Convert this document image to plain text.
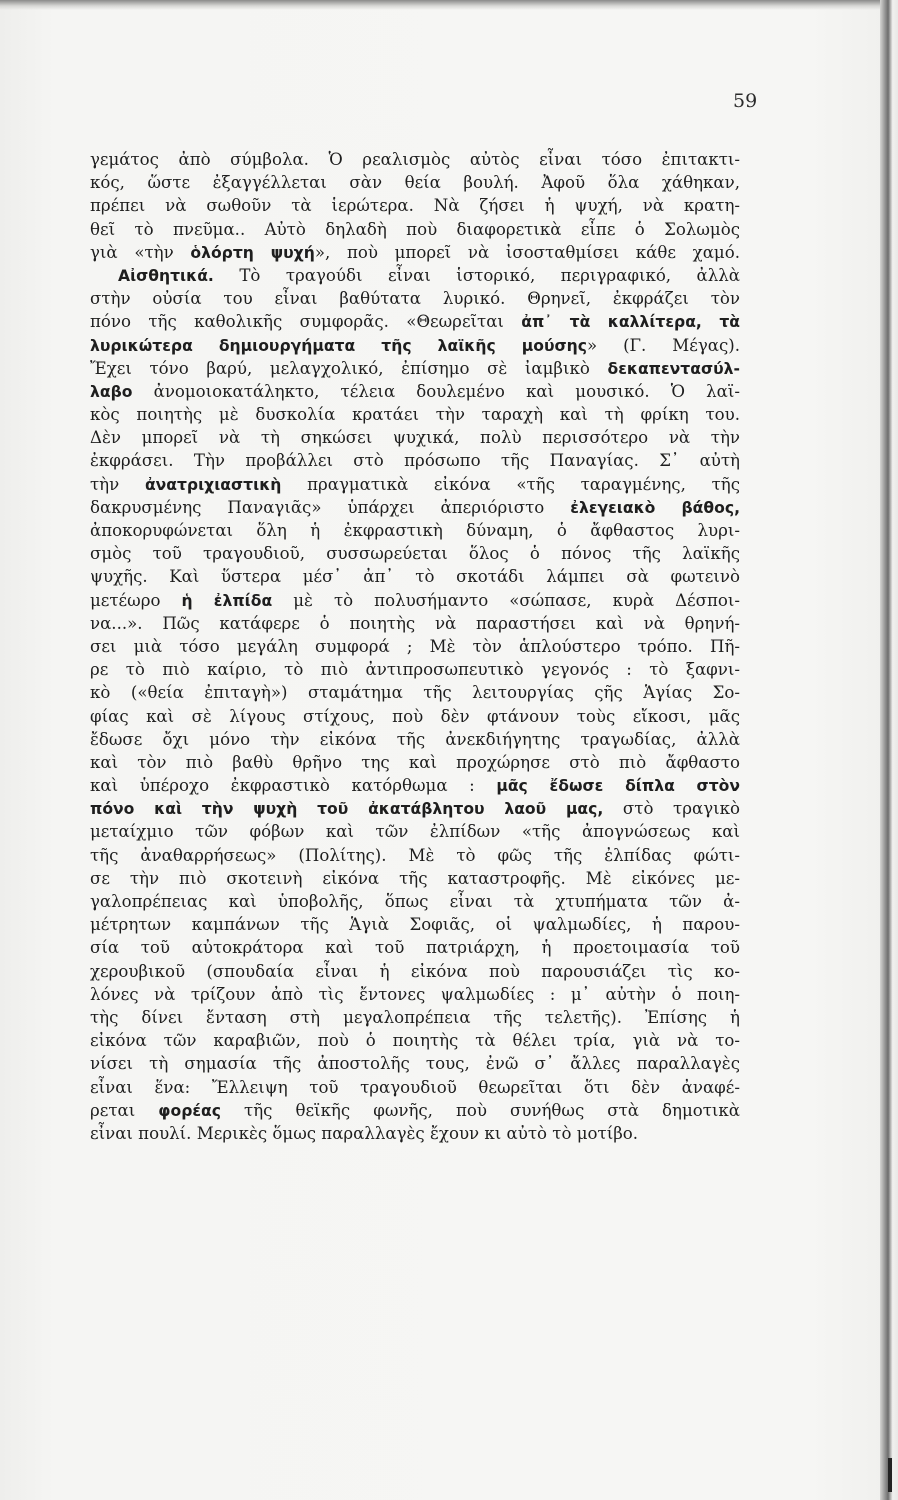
59
γεμάτος ἀπὸ σύμβολα. Ὁ ρεαλισμὸς αὐτὸς εἶναι τόσο ἐπιτακτι-
κός, ὥστε ἐξαγγέλλεται σὰν θεία βουλή. Ἀφοῦ ὅλα χάθηκαν,
πρέπει νὰ σωθοῦν τὰ ἱερώτερα. Νὰ ζήσει ἡ ψυχή, νὰ κρατη-
θεῖ τὸ πνεῦμα.. Αὐτὸ δηλαδὴ ποὺ διαφορετικὰ εἶπε ὁ Σολωμὸς
γιὰ «τὴν ὁλόρτη ψυχή», ποὺ μπορεῖ νὰ ἰσοσταθμίσει κάθε χαμό.
Αἰσθητικά. Τὸ τραγούδι εἶναι ἱστορικό, περιγραφικό, ἀλλὰ
στὴν οὐσία του εἶναι βαθύτατα λυρικό. Θρηνεῖ, ἐκφράζει τὸν
πόνο τῆς καθολικῆς συμφορᾶς. «Θεωρεῖται ἀπ᾽ τὰ καλλίτερα, τὰ
λυρικώτερα δημιουργήματα τῆς λαϊκῆς μούσης» (Γ. Μέγας).
Ἔχει τόνο βαρύ, μελαγχολικό, ἐπίσημο σὲ ἰαμβικὸ δεκαπεντασύλ-
λαβο ἀνομοιοκατάληκτο, τέλεια δουλεμένο καὶ μουσικό. Ὁ λαϊ-
κὸς ποιητὴς μὲ δυσκολία κρατάει τὴν ταραχὴ καὶ τὴ φρίκη του.
Δὲν μπορεῖ νὰ τὴ σηκώσει ψυχικά, πολὺ περισσότερο νὰ τὴν
ἐκφράσει. Τὴν προβάλλει στὸ πρόσωπο τῆς Παναγίας. Σ᾽ αὐτὴ
τὴν ἀνατριχιαστικὴ πραγματικὰ εἰκόνα «τῆς ταραγμένης, τῆς
δακρυσμένης Παναγιᾶς» ὑπάρχει ἀπεριόριστο ἐλεγειακὸ βάθος,
ἀποκορυφώνεται ὅλη ἡ ἐκφραστικὴ δύναμη, ὁ ἄφθαστος λυρι-
σμὸς τοῦ τραγουδιοῦ, συσσωρεύεται ὅλος ὁ πόνος τῆς λαϊκῆς
ψυχῆς. Καὶ ὕστερα μέσ᾽ ἀπ᾽ τὸ σκοτάδι λάμπει σὰ φωτεινὸ
μετέωρο ἡ ἐλπίδα μὲ τὸ πολυσήμαντο «σώπασε, κυρὰ Δέσποι-
να...». Πῶς κατάφερε ὁ ποιητὴς νὰ παραστήσει καὶ νὰ θρηνή-
σει μιὰ τόσο μεγάλη συμφορά ; Μὲ τὸν ἁπλούστερο τρόπο. Πῆ-
ρε τὸ πιὸ καίριο, τὸ πιὸ ἀντιπροσωπευτικὸ γεγονός : τὸ ξαφνι-
κὸ («θεία ἐπιταγὴ») σταμάτημα τῆς λειτουργίας ςῆς Ἁγίας Σο-
φίας καὶ σὲ λίγους στίχους, ποὺ δὲν φτάνουν τοὺς εἴκοσι, μᾶς
ἔδωσε ὄχι μόνο τὴν εἰκόνα τῆς ἀνεκδιήγητης τραγωδίας, ἀλλὰ
καὶ τὸν πιὸ βαθὺ θρῆνο της καὶ προχώρησε στὸ πιὸ ἄφθαστο
καὶ ὑπέροχο ἐκφραστικὸ κατόρθωμα : μᾶς ἔδωσε δίπλα στὸν
πόνο καὶ τὴν ψυχὴ τοῦ ἀκατάβλητου λαοῦ μας, στὸ τραγικὸ
μεταίχμιο τῶν φόβων καὶ τῶν ἐλπίδων «τῆς ἀπογνώσεως καὶ
τῆς ἀναθαρρήσεως» (Πολίτης). Μὲ τὸ φῶς τῆς ἐλπίδας φώτι-
σε τὴν πιὸ σκοτεινὴ εἰκόνα τῆς καταστροφῆς. Μὲ εἰκόνες με-
γαλοπρέπειας καὶ ὑποβολῆς, ὅπως εἶναι τὰ χτυπήματα τῶν ἀ-
μέτρητων καμπάνων τῆς Ἁγιὰ Σοφιᾶς, οἱ ψαλμωδίες, ἡ παρου-
σία τοῦ αὐτοκράτορα καὶ τοῦ πατριάρχη, ἡ προετοιμασία τοῦ
χερουβικοῦ (σπουδαία εἶναι ἡ εἰκόνα ποὺ παρουσιάζει τὶς κο-
λόνες νὰ τρίζουν ἀπὸ τὶς ἔντονες ψαλμωδίες : μ᾽ αὐτὴν ὁ ποιη-
τὴς δίνει ἔνταση στὴ μεγαλοπρέπεια τῆς τελετῆς). Ἐπίσης ἡ
εἰκόνα τῶν καραβιῶν, ποὺ ὁ ποιητὴς τὰ θέλει τρία, γιὰ νὰ το-
νίσει τὴ σημασία τῆς ἀποστολῆς τους, ἐνῶ σ᾽ ἄλλες παραλλαγὲς
εἶναι ἕνα: Ἔλλειψη τοῦ τραγουδιοῦ θεωρεῖται ὅτι δὲν ἀναφέ-
ρεται φορέας τῆς θεϊκῆς φωνῆς, ποὺ συνήθως στὰ δημοτικὰ
εἶναι πουλί. Μερικὲς ὅμως παραλλαγὲς ἔχουν κι αὐτὸ τὸ μοτίβο.
